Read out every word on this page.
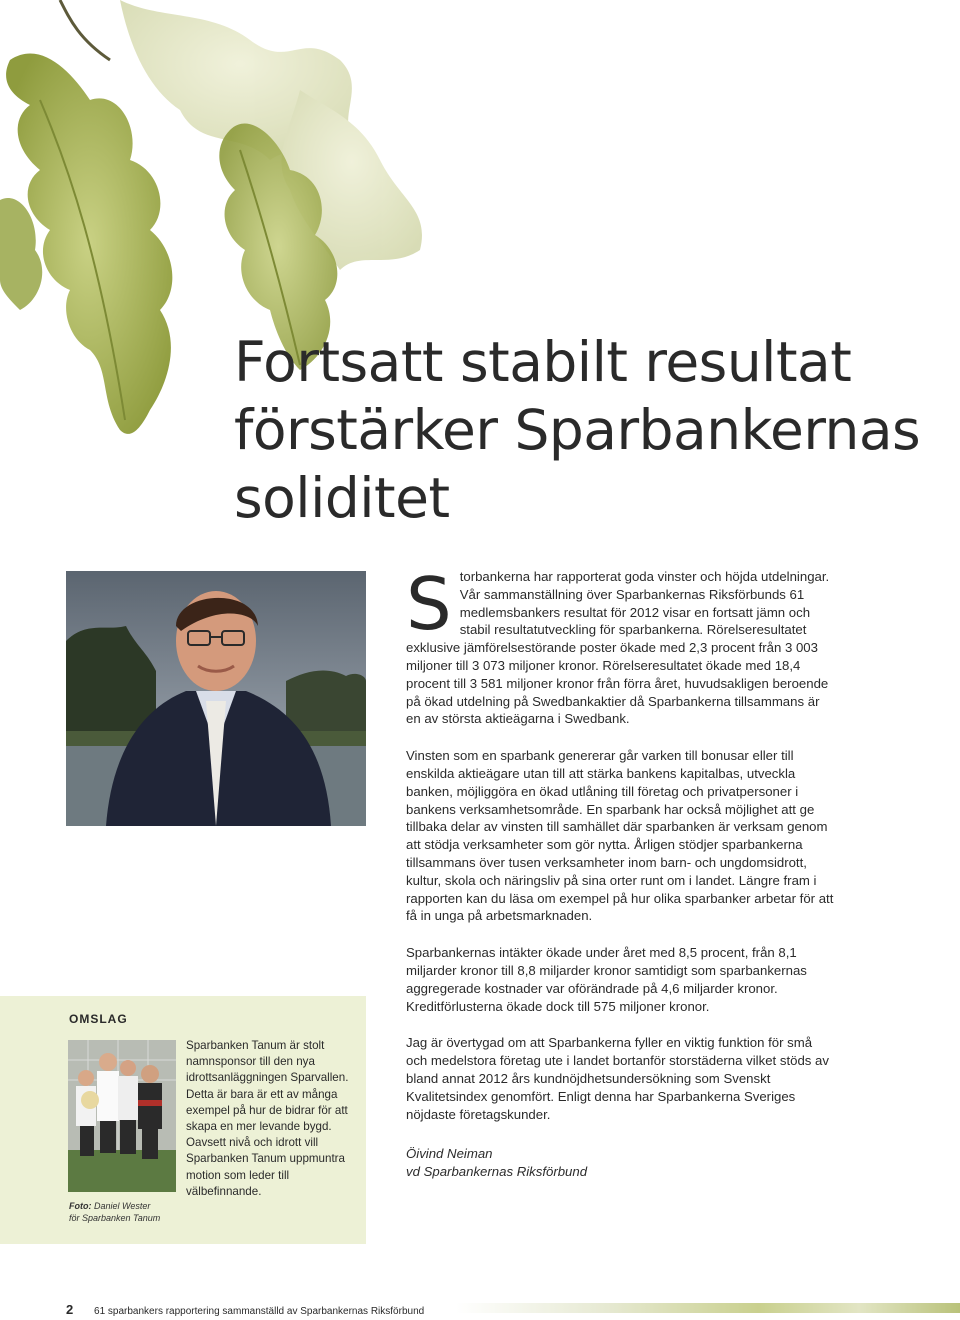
Fortsatt stabilt resultat
förstärker Sparbankernas
soliditet

Storbankerna har rapporterat goda vinster och höjda utdelningar. Vår sammanställning över Sparbankernas Riksförbunds 61 medlemsbankers resultat för 2012 visar en fortsatt jämn och stabil resultatutveckling för sparbankerna. Rörelseresultatet exklusive jämförelsestörande poster ökade med 2,3 procent från 3 003 miljoner till 3 073 miljoner kronor. Rörelseresultatet ökade med 18,4 procent till 3 581 miljoner kronor från förra året, huvudsakligen beroende på ökad utdelning på Swedbankaktier då Sparbankerna tillsammans är en av största aktieägarna i Swedbank.

Vinsten som en sparbank genererar går varken till bonusar eller till enskilda aktieägare utan till att stärka bankens kapitalbas, utveckla banken, möjliggöra en ökad utlåning till företag och privatpersoner i bankens verksamhetsområde. En sparbank har också möjlighet att ge tillbaka delar av vinsten till samhället där sparbanken är verksam genom att stödja verksamheter som gör nytta. Årligen stödjer sparbankerna tillsammans över tusen verksamheter inom barn- och ungdomsidrott, kultur, skola och näringsliv på sina orter runt om i landet. Längre fram i rapporten kan du läsa om exempel på hur olika sparbanker arbetar för att få in unga på arbetsmarknaden.

Sparbankernas intäkter ökade under året med 8,5 procent, från 8,1 miljarder kronor till 8,8 miljarder kronor samtidigt som sparbankernas aggregerade kostnader var oförändrade på 4,6 miljarder kronor. Kreditförlusterna ökade dock till 575 miljoner kronor.

Jag är övertygad om att Sparbankerna fyller en viktig funktion för små och medelstora företag ute i landet bortanför storstäderna vilket stöds av bland annat 2012 års kundnöjdhetsundersökning som Svenskt Kvalitetsindex genomfört. Enligt denna har Sparbankerna Sveriges nöjdaste företagskunder.

Öivind Neiman
vd Sparbankernas Riksförbund
OMSLAG
Foto: Daniel Wester
för Sparbanken Tanum
Sparbanken Tanum är stolt namnsponsor till den nya idrottsanläggningen Sparvallen. Detta är bara är ett av många exempel på hur de bidrar för att skapa en mer levande bygd. Oavsett nivå och idrott vill Sparbanken Tanum uppmuntra motion som leder till välbefinnande.
2 61 sparbankers rapportering sammanställd av Sparbankernas Riksförbund
